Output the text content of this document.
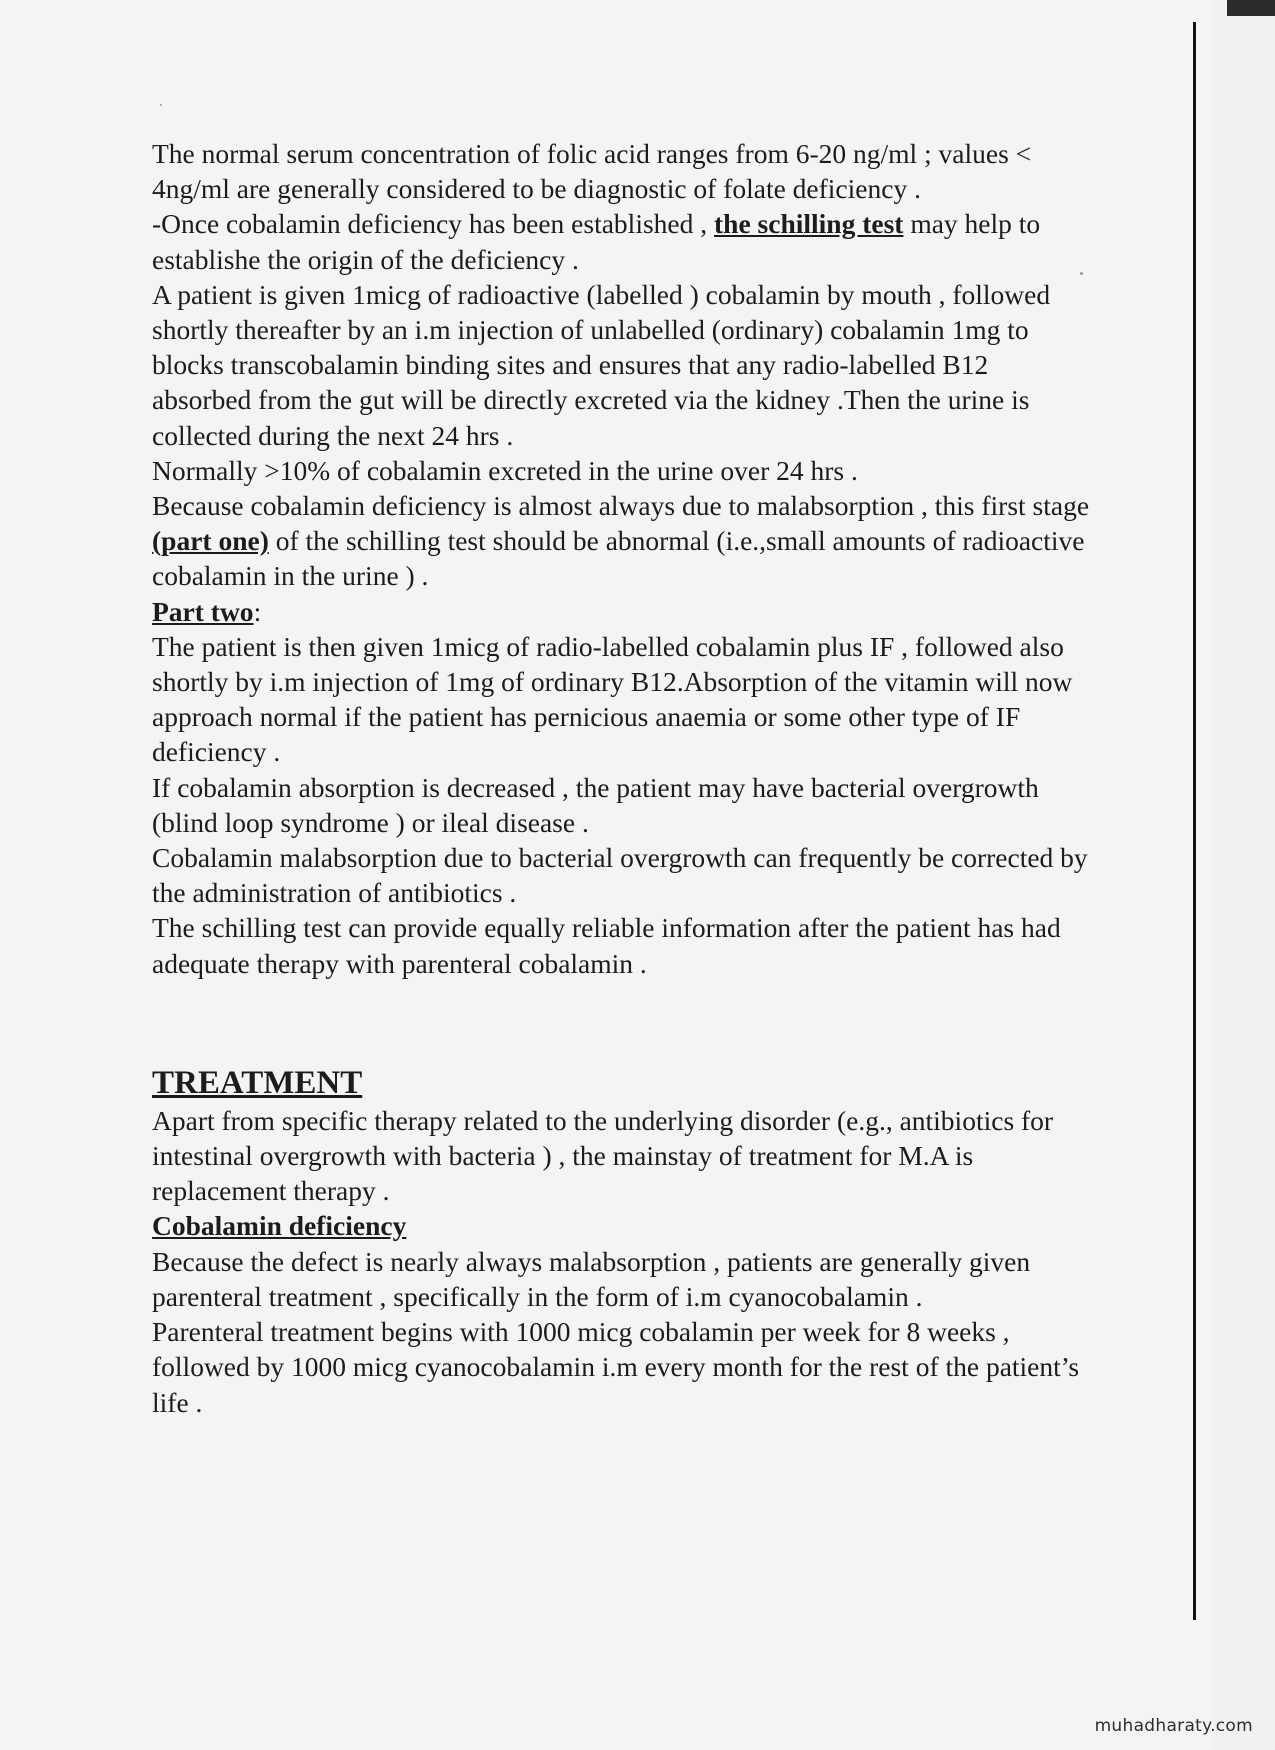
The normal serum concentration of folic acid ranges from 6-20 ng/ml ; values < 4ng/ml are generally considered to be diagnostic of folate deficiency .

-Once cobalamin deficiency has been established , the schilling test may help to establishe the origin of the deficiency .

A patient is given 1micg of radioactive (labelled ) cobalamin by mouth , followed shortly thereafter by an i.m injection of unlabelled (ordinary) cobalamin 1mg to blocks transcobalamin binding sites and ensures that any radio-labelled B12 absorbed from the gut will be directly excreted via the kidney .Then the urine is collected during the next 24 hrs .

Normally >10% of cobalamin excreted in the urine over 24 hrs .

Because cobalamin deficiency is almost always due to malabsorption , this first stage (part one) of the schilling test should be abnormal (i.e.,small amounts of radioactive cobalamin in the urine ) .

Part two:

The patient is then given 1micg of radio-labelled cobalamin plus IF , followed also shortly by i.m injection of 1mg of ordinary B12.Absorption of the vitamin will now approach normal if the patient has pernicious anaemia or some other type of IF deficiency .

If cobalamin absorption is decreased , the patient may have bacterial overgrowth (blind loop syndrome ) or ileal disease .

Cobalamin malabsorption due to bacterial overgrowth can frequently be corrected by the administration of antibiotics .

The schilling test can provide equally reliable information after the patient has had adequate therapy with parenteral cobalamin .

TREATMENT

Apart from specific therapy related to the underlying disorder (e.g., antibiotics for intestinal overgrowth with bacteria ) , the mainstay of treatment for M.A is replacement therapy .

Cobalamin deficiency

Because the defect is nearly always malabsorption , patients are generally given parenteral treatment , specifically in the form of i.m cyanocobalamin .

Parenteral treatment begins with 1000 micg cobalamin per week for 8 weeks , followed by 1000 micg cyanocobalamin i.m every month for the rest of the patient’s life .

muhadharaty.com
